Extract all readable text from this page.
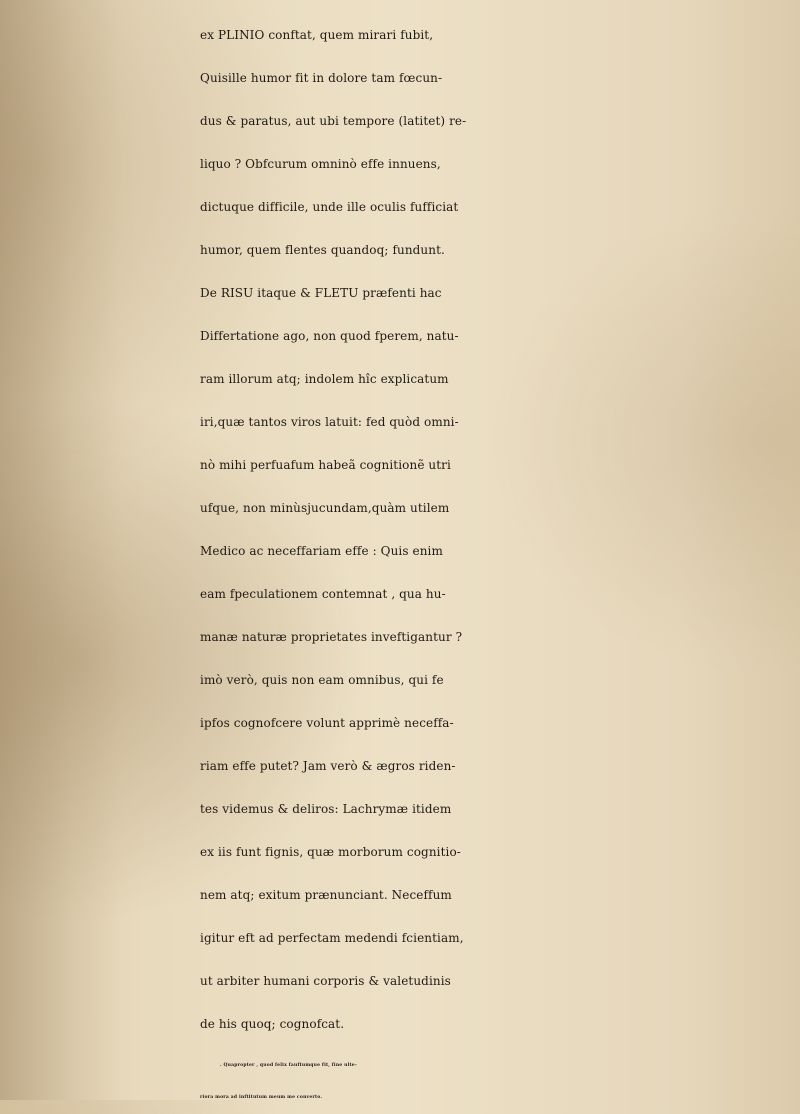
ex PLINIO conftat, quem mirari fubit,
Quisille humor fit in dolore tam fœcun-
dus & paratus, aut ubi tempore (latitet) re-
liquo ? Obfcurum omninò effe innuens,
dictuque difficile, unde ille oculis fufficiat
humor, quem flentes quandoq; fundunt.
De RISU itaque & FLETU præfenti hac
Differtatione ago, non quod fperem, natu-
ram illorum atq; indolem hîc explicatum
iri,quæ tantos viros latuit: fed quòd omni-
nò mihi perfuafum habeã cognitionẽ utri
ufque, non minùsjucundam,quàm utilem
Medico ac neceffariam effe : Quis enim
eam fpeculationem contemnat , qua hu-
manæ naturæ proprietates inveftigantur ?
imò verò, quis non eam omnibus, qui fe
ipfos cognofcere volunt apprimè neceffa-
riam effe putet? Jam verò & ægros riden-
tes videmus & deliros: Lachrymæ itidem
ex iis funt fignis, quæ morborum cognitio-
nem atq; exitum prænunciant. Neceffum
igitur eft ad perfectam medendi fcientiam,
ut arbiter humani corporis & valetudinis
de his quoq; cognofcat.
. Quapropter , quod felix fauftumque fit, fine ulte-
riora mora ad inftitutum meum me converto.
